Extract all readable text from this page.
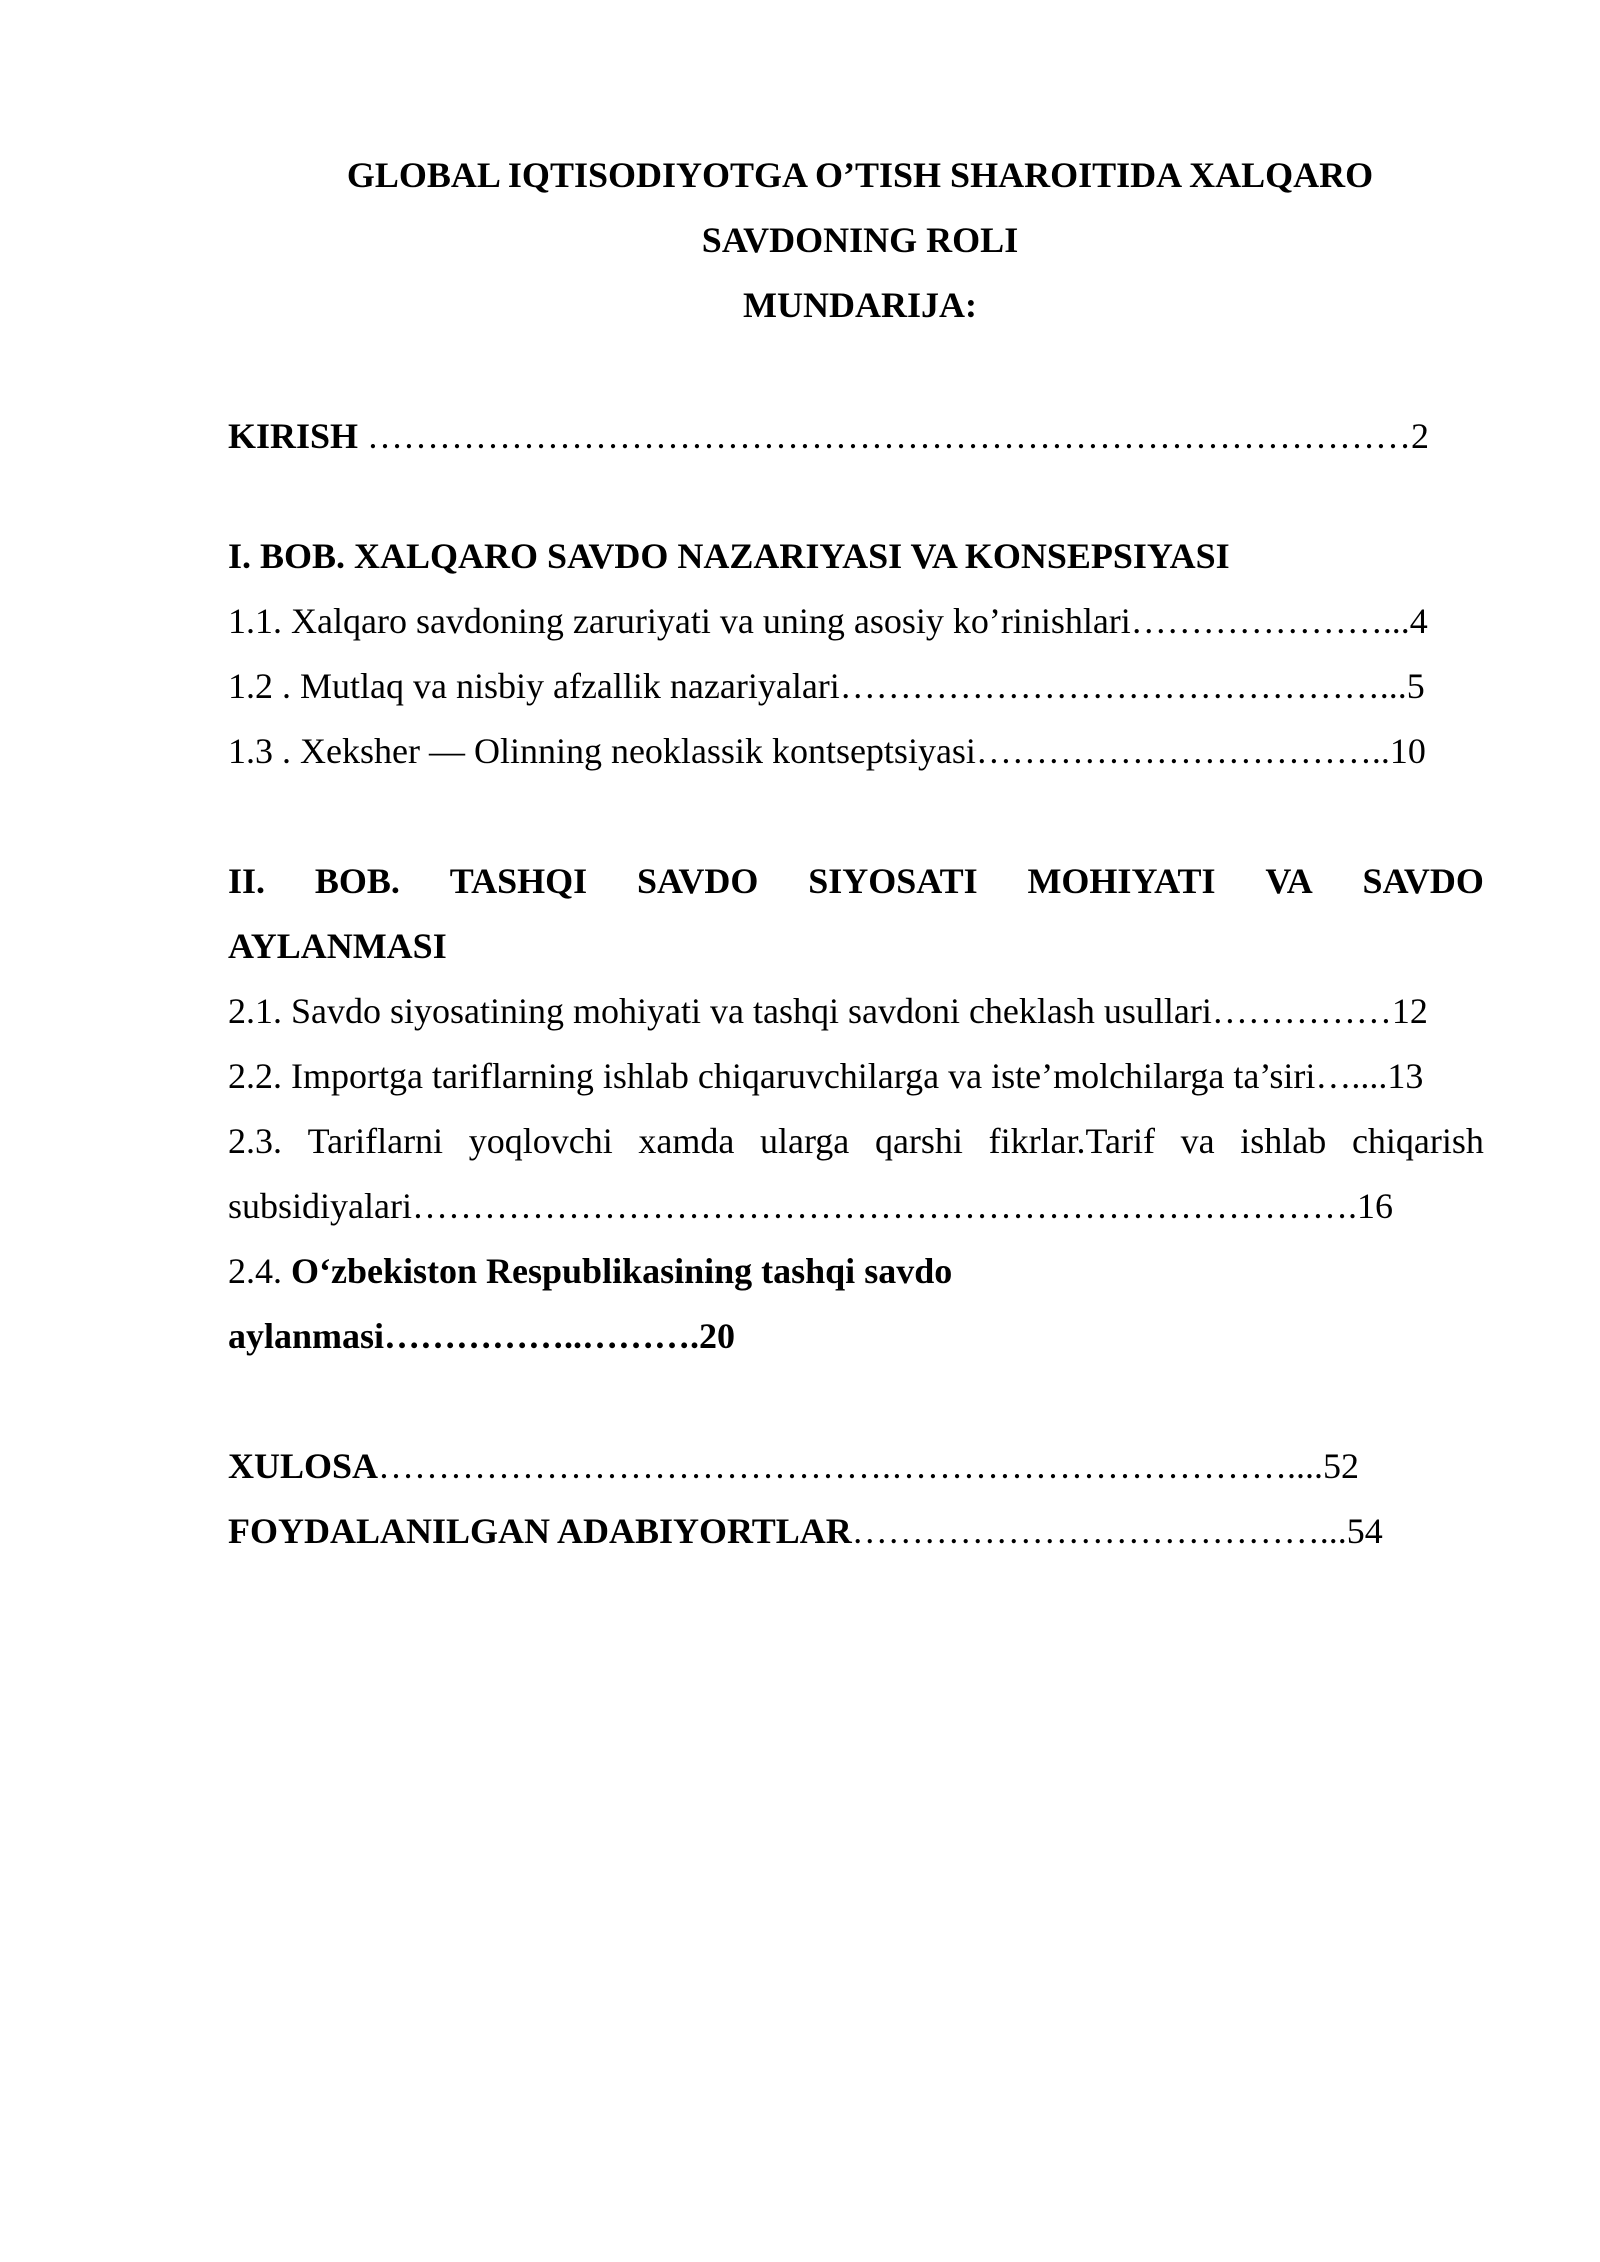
GLOBAL IQTISODIYOTGA O’TISH SHAROITIDA XALQARO
SAVDONING ROLI
MUNDARIJA:
KIRISH ……………………………………………………………………………2
I. BOB. XALQARO SAVDO NAZARIYASI VA KONSEPSIYASI
1.1. Xalqaro savdoning zaruriyati va uning asosiy ko’rinishlari…………………...4
1.2 . Mutlaq va nisbiy afzallik nazariyalari………………………………………...5
1.3 . Xeksher — Olinning neoklassik kontseptsiyasi……………………………..10
II. BOB. TASHQI SAVDO SIYOSATI MOHIYATI VA SAVDO
AYLANMASI
2.1. Savdo siyosatining mohiyati va tashqi savdoni cheklash usullari……………12
2.2. Importga tariflarning ishlab chiqaruvchilarga va iste’molchilarga ta’siri…....13
2.3. Tariflarni yoqlovchi xamda ularga qarshi fikrlar.Tarif va ishlab chiqarish
subsidiyalari…………………………………………………………………….16
2.4. O‘zbekiston Respublikasining tashqi savdo
aylanmasi……………..……….20
XULOSA…………………………………….……………………………....52
FOYDALANILGAN ADABIYORTLAR…………………………………...54
